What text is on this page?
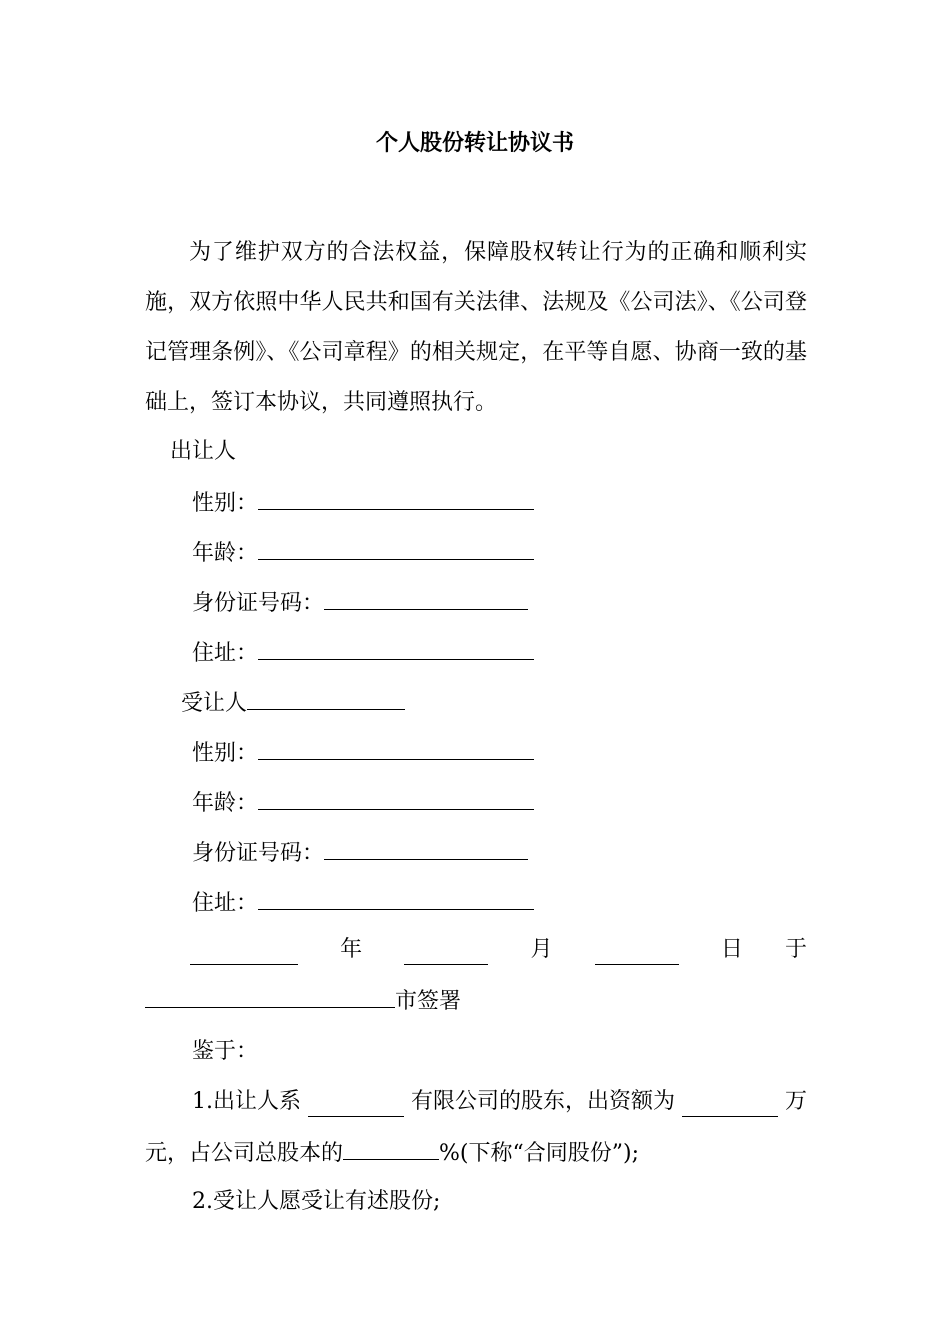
个人股份转让协议书
为了维护双方的合法权益，保障股权转让行为的正确和顺利实施，双方依照中华人民共和国有关法律、法规及《公司法》、《公司登记管理条例》、《公司章程》的相关规定，在平等自愿、协商一致的基础上，签订本协议，共同遵照执行。
出让人
性别：
年龄：
身份证号码：
住址：
受让人
性别：
年龄：
身份证号码：
住址：
年	月	日 于
市签署
鉴于：
1.出让人系	有限公司的股东，出资额为	万
元，占公司总股本的	%(下称“合同股份”);
2.受让人愿受让有述股份;
